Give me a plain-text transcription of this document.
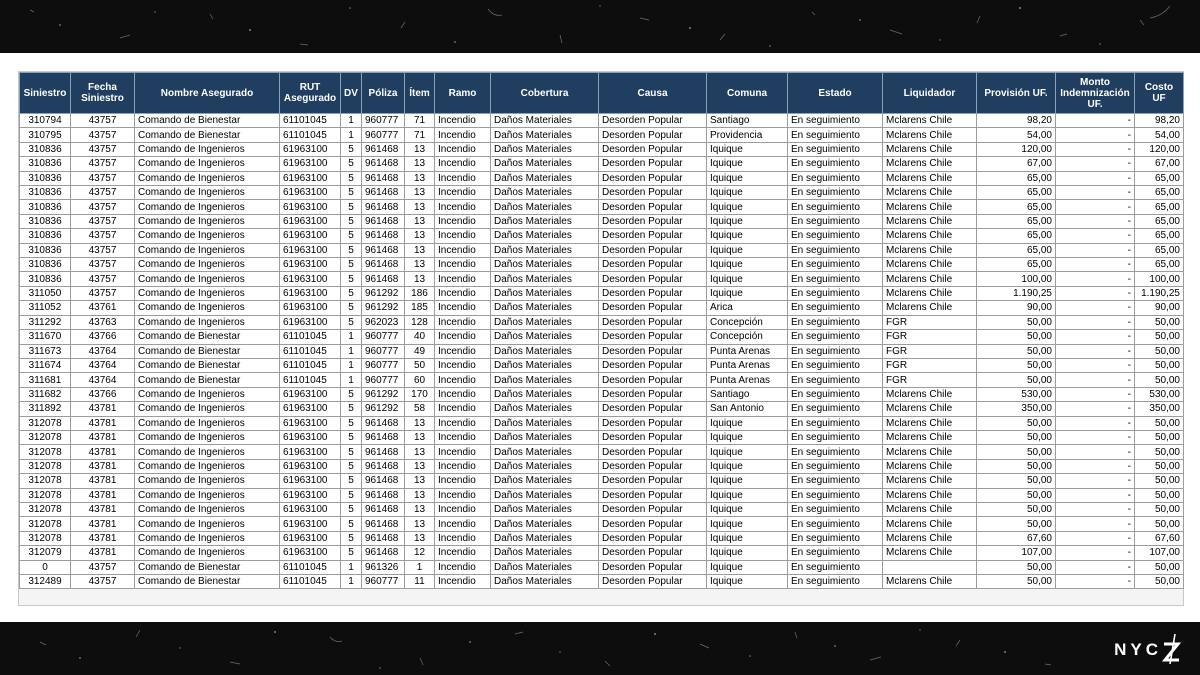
Siniestro	Fecha Siniestro	Nombre Asegurado	RUT Asegurado	DV	Póliza	Ítem	Ramo	Cobertura	Causa	Comuna	Estado	Liquidador	Provisión UF.	Monto Indemnización UF.	Costo UF
310794	43757	Comando de Bienestar	61101045	1	960777	71	Incendio	Daños Materiales	Desorden Popular	Santiago	En seguimiento	Mclarens Chile	98,20	-	98,20
310795	43757	Comando de Bienestar	61101045	1	960777	71	Incendio	Daños Materiales	Desorden Popular	Providencia	En seguimiento	Mclarens Chile	54,00	-	54,00
310836	43757	Comando de Ingenieros	61963100	5	961468	13	Incendio	Daños Materiales	Desorden Popular	Iquique	En seguimiento	Mclarens Chile	120,00	-	120,00
310836	43757	Comando de Ingenieros	61963100	5	961468	13	Incendio	Daños Materiales	Desorden Popular	Iquique	En seguimiento	Mclarens Chile	67,00	-	67,00
310836	43757	Comando de Ingenieros	61963100	5	961468	13	Incendio	Daños Materiales	Desorden Popular	Iquique	En seguimiento	Mclarens Chile	65,00	-	65,00
310836	43757	Comando de Ingenieros	61963100	5	961468	13	Incendio	Daños Materiales	Desorden Popular	Iquique	En seguimiento	Mclarens Chile	65,00	-	65,00
310836	43757	Comando de Ingenieros	61963100	5	961468	13	Incendio	Daños Materiales	Desorden Popular	Iquique	En seguimiento	Mclarens Chile	65,00	-	65,00
310836	43757	Comando de Ingenieros	61963100	5	961468	13	Incendio	Daños Materiales	Desorden Popular	Iquique	En seguimiento	Mclarens Chile	65,00	-	65,00
310836	43757	Comando de Ingenieros	61963100	5	961468	13	Incendio	Daños Materiales	Desorden Popular	Iquique	En seguimiento	Mclarens Chile	65,00	-	65,00
310836	43757	Comando de Ingenieros	61963100	5	961468	13	Incendio	Daños Materiales	Desorden Popular	Iquique	En seguimiento	Mclarens Chile	65,00	-	65,00
310836	43757	Comando de Ingenieros	61963100	5	961468	13	Incendio	Daños Materiales	Desorden Popular	Iquique	En seguimiento	Mclarens Chile	65,00	-	65,00
310836	43757	Comando de Ingenieros	61963100	5	961468	13	Incendio	Daños Materiales	Desorden Popular	Iquique	En seguimiento	Mclarens Chile	100,00	-	100,00
311050	43757	Comando de Ingenieros	61963100	5	961292	186	Incendio	Daños Materiales	Desorden Popular	Iquique	En seguimiento	Mclarens Chile	1.190,25	-	1.190,25
311052	43761	Comando de Ingenieros	61963100	5	961292	185	Incendio	Daños Materiales	Desorden Popular	Arica	En seguimiento	Mclarens Chile	90,00	-	90,00
311292	43763	Comando de Ingenieros	61963100	5	962023	128	Incendio	Daños Materiales	Desorden Popular	Concepción	En seguimiento	FGR	50,00	-	50,00
311670	43766	Comando de Bienestar	61101045	1	960777	40	Incendio	Daños Materiales	Desorden Popular	Concepción	En seguimiento	FGR	50,00	-	50,00
311673	43764	Comando de Bienestar	61101045	1	960777	49	Incendio	Daños Materiales	Desorden Popular	Punta Arenas	En seguimiento	FGR	50,00	-	50,00
311674	43764	Comando de Bienestar	61101045	1	960777	50	Incendio	Daños Materiales	Desorden Popular	Punta Arenas	En seguimiento	FGR	50,00	-	50,00
311681	43764	Comando de Bienestar	61101045	1	960777	60	Incendio	Daños Materiales	Desorden Popular	Punta Arenas	En seguimiento	FGR	50,00	-	50,00
311682	43766	Comando de Ingenieros	61963100	5	961292	170	Incendio	Daños Materiales	Desorden Popular	Santiago	En seguimiento	Mclarens Chile	530,00	-	530,00
311892	43781	Comando de Ingenieros	61963100	5	961292	58	Incendio	Daños Materiales	Desorden Popular	San Antonio	En seguimiento	Mclarens Chile	350,00	-	350,00
312078	43781	Comando de Ingenieros	61963100	5	961468	13	Incendio	Daños Materiales	Desorden Popular	Iquique	En seguimiento	Mclarens Chile	50,00	-	50,00
312078	43781	Comando de Ingenieros	61963100	5	961468	13	Incendio	Daños Materiales	Desorden Popular	Iquique	En seguimiento	Mclarens Chile	50,00	-	50,00
312078	43781	Comando de Ingenieros	61963100	5	961468	13	Incendio	Daños Materiales	Desorden Popular	Iquique	En seguimiento	Mclarens Chile	50,00	-	50,00
312078	43781	Comando de Ingenieros	61963100	5	961468	13	Incendio	Daños Materiales	Desorden Popular	Iquique	En seguimiento	Mclarens Chile	50,00	-	50,00
312078	43781	Comando de Ingenieros	61963100	5	961468	13	Incendio	Daños Materiales	Desorden Popular	Iquique	En seguimiento	Mclarens Chile	50,00	-	50,00
312078	43781	Comando de Ingenieros	61963100	5	961468	13	Incendio	Daños Materiales	Desorden Popular	Iquique	En seguimiento	Mclarens Chile	50,00	-	50,00
312078	43781	Comando de Ingenieros	61963100	5	961468	13	Incendio	Daños Materiales	Desorden Popular	Iquique	En seguimiento	Mclarens Chile	50,00	-	50,00
312078	43781	Comando de Ingenieros	61963100	5	961468	13	Incendio	Daños Materiales	Desorden Popular	Iquique	En seguimiento	Mclarens Chile	50,00	-	50,00
312078	43781	Comando de Ingenieros	61963100	5	961468	13	Incendio	Daños Materiales	Desorden Popular	Iquique	En seguimiento	Mclarens Chile	67,60	-	67,60
312079	43781	Comando de Ingenieros	61963100	5	961468	12	Incendio	Daños Materiales	Desorden Popular	Iquique	En seguimiento	Mclarens Chile	107,00	-	107,00
0	43757	Comando de Bienestar	61101045	1	961326	1	Incendio	Daños Materiales	Desorden Popular	Iquique	En seguimiento		50,00	-	50,00
312489	43757	Comando de Bienestar	61101045	1	960777	11	Incendio	Daños Materiales	Desorden Popular	Iquique	En seguimiento	Mclarens Chile	50,00	-	50,00
NYC
